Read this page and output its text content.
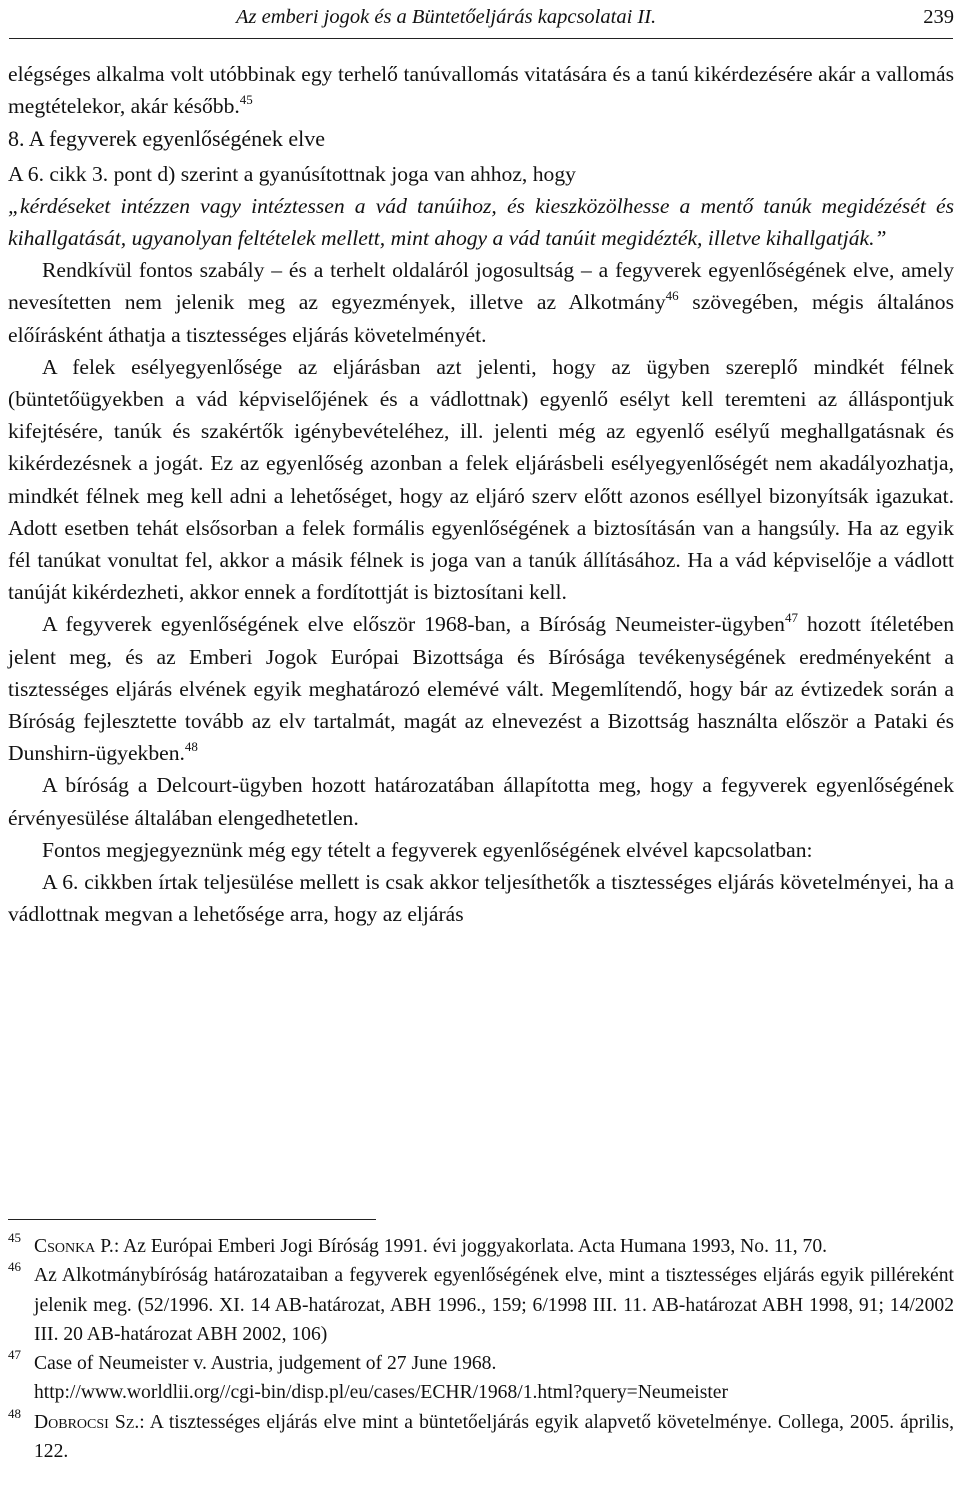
Az emberi jogok és a Büntetőeljárás kapcsolatai II.	239

elégséges alkalma volt utóbbinak egy terhelő tanúvallomás vitatására és a tanú kikérdezésére akár a vallomás megtételekor, akár később.$^{45}$

8. A fegyverek egyenlőségének elve

A 6. cikk 3. pont d) szerint a gyanúsítottnak joga van ahhoz, hogy

„kérdéseket intézzen vagy intéztessen a vád tanúihoz, és kieszközölhesse a mentő tanúk megidézését és kihallgatását, ugyanolyan feltételek mellett, mint ahogy a vád tanúit megidézték, illetve kihallgatják.”

Rendkívül fontos szabály – és a terhelt oldaláról jogosultság – a fegyverek egyenlőségének elve, amely nevesítetten nem jelenik meg az egyezmények, illetve az Alkotmány$^{46}$ szövegében, mégis általános előírásként áthatja a tisztességes eljárás követelményét.

A felek esélyegyenlősége az eljárásban azt jelenti, hogy az ügyben szereplő mindkét félnek (büntetőügyekben a vád képviselőjének és a vádlottnak) egyenlő esélyt kell teremteni az álláspontjuk kifejtésére, tanúk és szakértők igénybevételéhez, ill. jelenti még az egyenlő esélyű meghallgatásnak és kikérdezésnek a jogát. Ez az egyenlőség azonban a felek eljárásbeli esélyegyenlőségét nem akadályozhatja, mindkét félnek meg kell adni a lehetőséget, hogy az eljáró szerv előtt azonos eséllyel bizonyítsák igazukat. Adott esetben tehát elsősorban a felek formális egyenlőségének a biztosításán van a hangsúly. Ha az egyik fél tanúkat vonultat fel, akkor a másik félnek is joga van a tanúk állításához. Ha a vád képviselője a vádlott tanúját kikérdezheti, akkor ennek a fordítottját is biztosítani kell.

A fegyverek egyenlőségének elve először 1968-ban, a Bíróság Neumeister-ügyben$^{47}$ hozott ítéletében jelent meg, és az Emberi Jogok Európai Bizottsága és Bírósága tevékenységének eredményeként a tisztességes eljárás elvének egyik meghatározó elemévé vált. Megemlítendő, hogy bár az évtizedek során a Bíróság fejlesztette tovább az elv tartalmát, magát az elnevezést a Bizottság használta először a Pataki és Dunshirn-ügyekben.$^{48}$

A bíróság a Delcourt-ügyben hozott határozatában állapította meg, hogy a fegyverek egyenlőségének érvényesülése általában elengedhetetlen.

Fontos megjegyeznünk még egy tételt a fegyverek egyenlőségének elvével kapcsolatban:

A 6. cikkben írtak teljesülése mellett is csak akkor teljesíthetők a tisztességes eljárás követelményei, ha a vádlottnak megvan a lehetősége arra, hogy az eljárás

45 Csonka P.: Az Európai Emberi Jogi Bíróság 1991. évi joggyakorlata. Acta Humana 1993, No. 11, 70.
46 Az Alkotmánybíróság határozataiban a fegyverek egyenlőségének elve, mint a tisztességes eljárás egyik pilléreként jelenik meg. (52/1996. XI. 14 AB-határozat, ABH 1996., 159; 6/1998 III. 11. AB-határozat ABH 1998, 91; 14/2002 III. 20 AB-határozat ABH 2002, 106)
47 Case of Neumeister v. Austria, judgement of 27 June 1968.
http://www.worldlii.org//cgi-bin/disp.pl/eu/cases/ECHR/1968/1.html?query=Neumeister
48 Dobrocsi Sz.: A tisztességes eljárás elve mint a büntetőeljárás egyik alapvető követelménye. Collega, 2005. április, 122.
